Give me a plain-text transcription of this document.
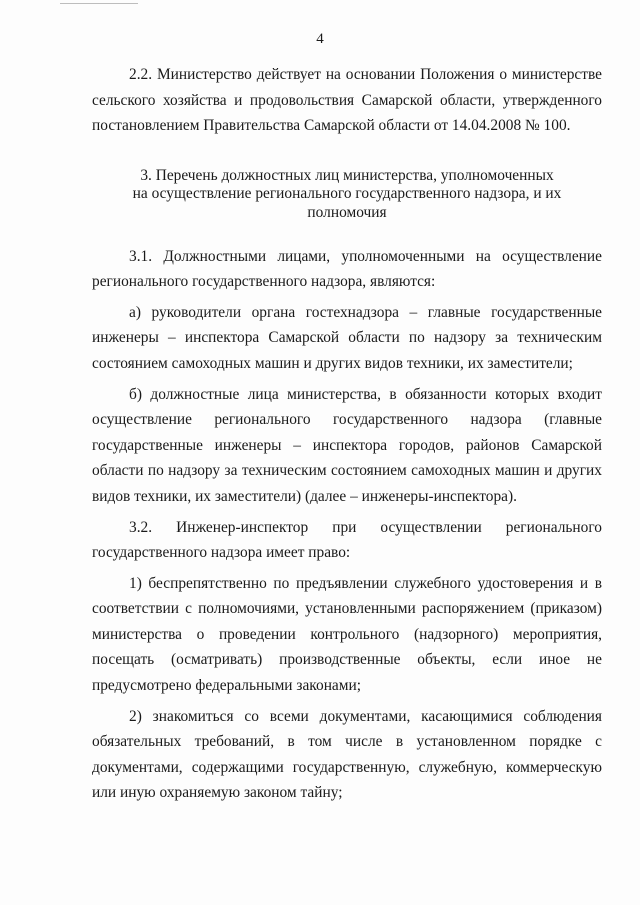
4

2.2. Министерство действует на основании Положения о министерстве сельского хозяйства и продовольствия Самарской области, утвержденного постановлением Правительства Самарской области от 14.04.2008 № 100.

3. Перечень должностных лиц министерства, уполномоченных на осуществление регионального государственного надзора, и их полномочия

3.1. Должностными лицами, уполномоченными на осуществление регионального государственного надзора, являются:

а) руководители органа гостехнадзора – главные государственные инженеры – инспектора Самарской области по надзору за техническим состоянием самоходных машин и других видов техники, их заместители;

б) должностные лица министерства, в обязанности которых входит осуществление регионального государственного надзора (главные государственные инженеры – инспектора городов, районов Самарской области по надзору за техническим состоянием самоходных машин и других видов техники, их заместители) (далее – инженеры-инспектора).

3.2. Инженер-инспектор при осуществлении регионального государственного надзора имеет право:

1) беспрепятственно по предъявлении служебного удостоверения и в соответствии с полномочиями, установленными распоряжением (приказом) министерства о проведении контрольного (надзорного) мероприятия, посещать (осматривать) производственные объекты, если иное не предусмотрено федеральными законами;

2) знакомиться со всеми документами, касающимися соблюдения обязательных требований, в том числе в установленном порядке с документами, содержащими государственную, служебную, коммерческую или иную охраняемую законом тайну;
